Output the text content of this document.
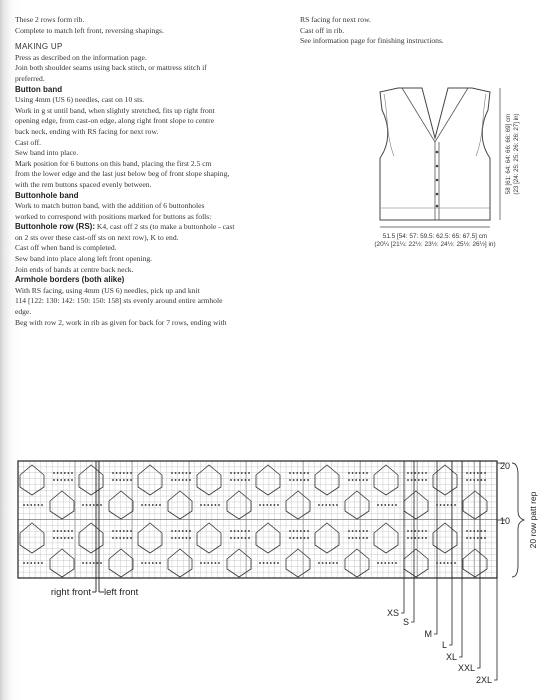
These 2 rows form rib.

Complete to match left front, reversing shapings.

MAKING UP

Press as described on the information page.

Join both shoulder seams using back stitch, or mattress stitch if

preferred.

Button band

Using 4mm (US 6) needles, cast on 10 sts.

Work in g st until band, when slightly stretched, fits up right front

opening edge, from cast-on edge, along right front slope to centre

back neck, ending with RS facing for next row.

Cast off.

Sew band into place.

Mark position for 6 buttons on this band, placing the first 2.5 cm

from the lower edge and the last just below beg of front slope shaping,

with the rem buttons spaced evenly between.

Buttonhole band

Work to match button band, with the addition of 6 buttonholes

worked to correspond with positions marked for buttons as folls:

Buttonhole row (RS): K4, cast off 2 sts (to make a buttonhole - cast

on 2 sts over these cast-off sts on next row), K to end.

Cast off when band is completed.

Sew band into place along left front opening.

Join ends of bands at centre back neck.

Armhole borders (both alike)

With RS facing, using 4mm (US 6) needles, pick up and knit

114 [122: 130: 142: 150: 150: 158] sts evenly around entire armhole

edge.

Beg with row 2, work in rib as given for back for 7 rows, ending with

RS facing for next row.

Cast off in rib.

See information page for finishing instructions.

51.5 [54: 57: 59.5: 62.5: 65: 67.5] cm
(20¼ [21¼: 22½: 23½: 24½: 25½: 26½] in)
58 [61: 64: 64: 66: 66: 69] cm (23 [24: 25: 25: 26: 26: 27] in)
20
10 20 row patt rep
right front left front
XS
S
M
L
XL
XXL
2XL
